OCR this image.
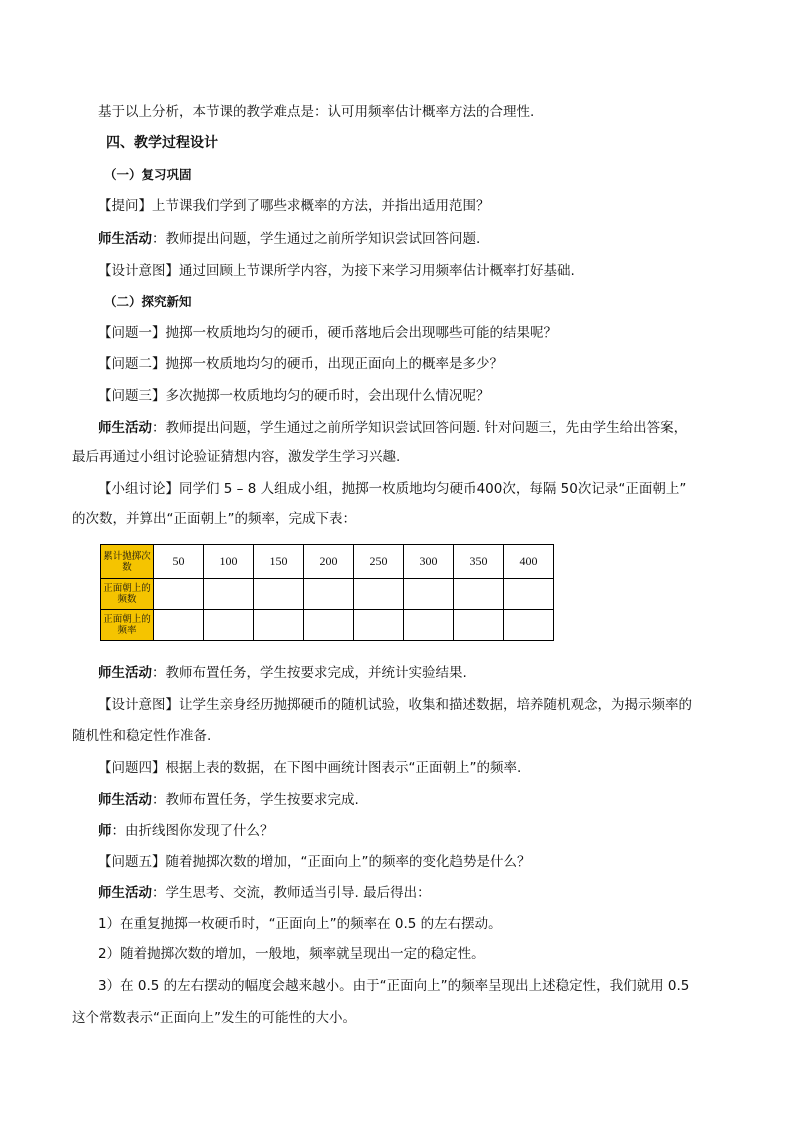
基于以上分析，本节课的教学难点是：认可用频率估计概率方法的合理性.
四、教学过程设计
（一）复习巩固
【提问】上节课我们学到了哪些求概率的方法，并指出适用范围？
师生活动：教师提出问题，学生通过之前所学知识尝试回答问题.
【设计意图】通过回顾上节课所学内容，为接下来学习用频率估计概率打好基础.
（二）探究新知
【问题一】抛掷一枚质地均匀的硬币，硬币落地后会出现哪些可能的结果呢？
【问题二】抛掷一枚质地均匀的硬币，出现正面向上的概率是多少？
【问题三】多次抛掷一枚质地均匀的硬币时，会出现什么情况呢？
师生活动：教师提出问题，学生通过之前所学知识尝试回答问题. 针对问题三，先由学生给出答案，
最后再通过小组讨论验证猜想内容，激发学生学习兴趣.
【小组讨论】同学们 5 – 8 人组成小组，抛掷一枚质地均匀硬币400次，每隔 50次记录“正面朝上”
的次数，并算出“正面朝上”的频率，完成下表：
累计抛掷次数	50	100	150	200	250	300	350	400
正面朝上的频数								
正面朝上的频率								
师生活动：教师布置任务，学生按要求完成，并统计实验结果.
【设计意图】让学生亲身经历抛掷硬币的随机试验，收集和描述数据，培养随机观念，为揭示频率的
随机性和稳定性作准备.
【问题四】根据上表的数据，在下图中画统计图表示“正面朝上”的频率.
师生活动：教师布置任务，学生按要求完成.
师：由折线图你发现了什么？
【问题五】随着抛掷次数的增加，“正面向上”的频率的变化趋势是什么？
师生活动：学生思考、交流，教师适当引导. 最后得出：
1）在重复抛掷一枚硬币时，“正面向上”的频率在 0.5 的左右摆动。
2）随着抛掷次数的增加，一般地，频率就呈现出一定的稳定性。
3）在 0.5 的左右摆动的幅度会越来越小。由于“正面向上”的频率呈现出上述稳定性，我们就用 0.5
这个常数表示“正面向上”发生的可能性的大小。
